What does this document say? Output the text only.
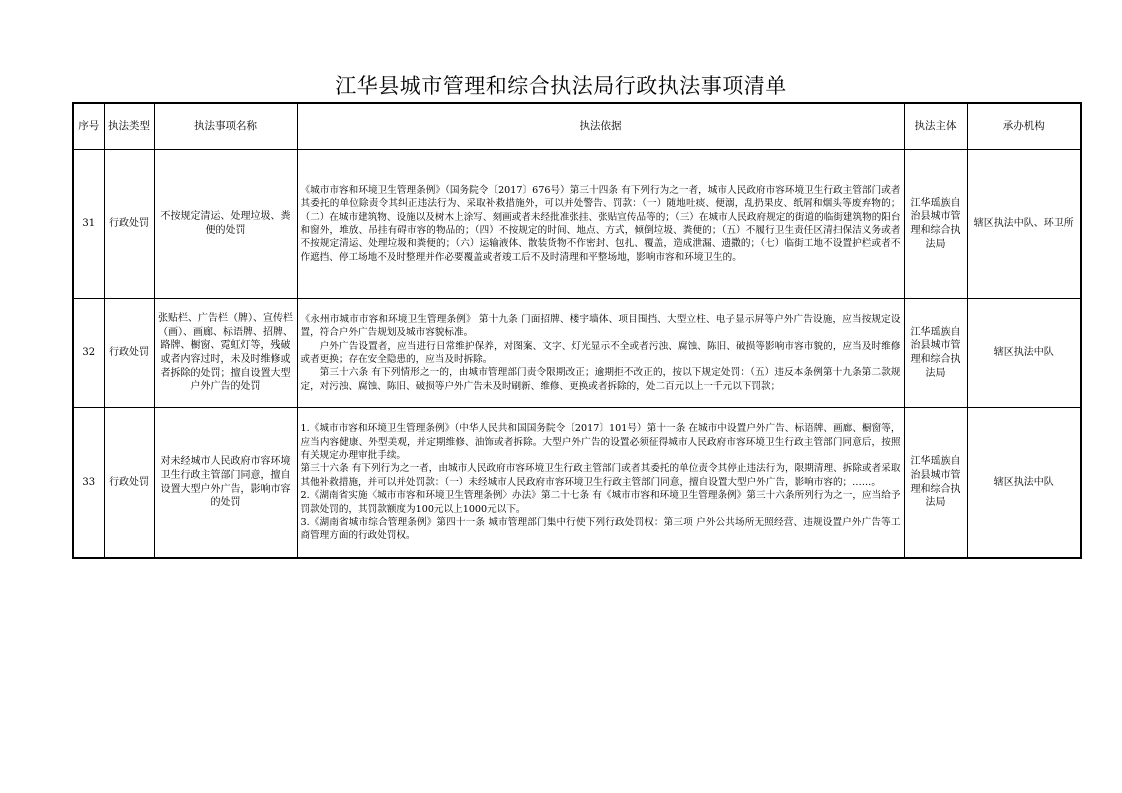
江华县城市管理和综合执法局行政执法事项清单
序号	执法类型	执法事项名称	执法依据	执法主体	承办机构
31	行政处罚	不按规定清运、处理垃圾、粪便的处罚	《城市市容和环境卫生管理条例》（国务院令〔2017〕676号）第三十四条 有下列行为之一者，城市人民政府市容环境卫生行政主管部门或者其委托的单位除责令其纠正违法行为、采取补救措施外，可以并处警告、罚款：（一）随地吐痰、便溺，乱扔果皮、纸屑和烟头等废弃物的；（二）在城市建筑物、设施以及树木上涂写、刻画或者未经批准张挂、张贴宣传品等的；（三）在城市人民政府规定的街道的临街建筑物的阳台和窗外，堆放、吊挂有碍市容的物品的；（四）不按规定的时间、地点、方式，倾倒垃圾、粪便的；（五）不履行卫生责任区清扫保洁义务或者不按规定清运、处理垃圾和粪便的；（六）运输液体、散装货物不作密封、包扎、覆盖，造成泄漏、遗撒的；（七）临街工地不设置护栏或者不作遮挡、停工场地不及时整理并作必要覆盖或者竣工后不及时清理和平整场地，影响市容和环境卫生的。	江华瑶族自治县城市管理和综合执法局	辖区执法中队、环卫所
32	行政处罚	张贴栏、广告栏（牌）、宣传栏（画）、画廊、标语牌、招牌、路牌、橱窗、霓虹灯等，残破或者内容过时，未及时维修或者拆除的处罚；擅自设置大型户外广告的处罚	《永州市城市市容和环境卫生管理条例》 第十九条 门面招牌、楼宇墙体、项目围挡、大型立柱、电子显示屏等户外广告设施，应当按规定设置，符合户外广告规划及城市容貌标准。

户外广告设置者，应当进行日常维护保养，对图案、文字、灯光显示不全或者污浊、腐蚀、陈旧、破损等影响市容市貌的，应当及时维修或者更换；存在安全隐患的，应当及时拆除。

第三十六条 有下列情形之一的，由城市管理部门责令限期改正；逾期拒不改正的，按以下规定处罚：（五）违反本条例第十九条第二款规定，对污浊、腐蚀、陈旧、破损等户外广告未及时刷新、维修、更换或者拆除的，处二百元以上一千元以下罚款；	江华瑶族自治县城市管理和综合执法局	辖区执法中队
33	行政处罚	对未经城市人民政府市容环境卫生行政主管部门同意，擅自设置大型户外广告，影响市容的处罚	1.《城市市容和环境卫生管理条例》（中华人民共和国国务院令〔2017〕101号）第十一条 在城市中设置户外广告、标语牌、画廊、橱窗等，应当内容健康、外型美观，并定期维修、油饰或者拆除。大型户外广告的设置必须征得城市人民政府市容环境卫生行政主管部门同意后，按照有关规定办理审批手续。

第三十六条 有下列行为之一者，由城市人民政府市容环境卫生行政主管部门或者其委托的单位责令其停止违法行为，限期清理、拆除或者采取其他补救措施，并可以并处罚款：（一）未经城市人民政府市容环境卫生行政主管部门同意，擅自设置大型户外广告，影响市容的；……。

2.《湖南省实施〈城市市容和环境卫生管理条例〉办法》第二十七条 有《城市市容和环境卫生管理条例》第三十六条所列行为之一，应当给予罚款处罚的，其罚款额度为100元以上1000元以下。

3.《湖南省城市综合管理条例》第四十一条 城市管理部门集中行使下列行政处罚权：第三项 户外公共场所无照经营、违规设置户外广告等工商管理方面的行政处罚权。	江华瑶族自治县城市管理和综合执法局	辖区执法中队
